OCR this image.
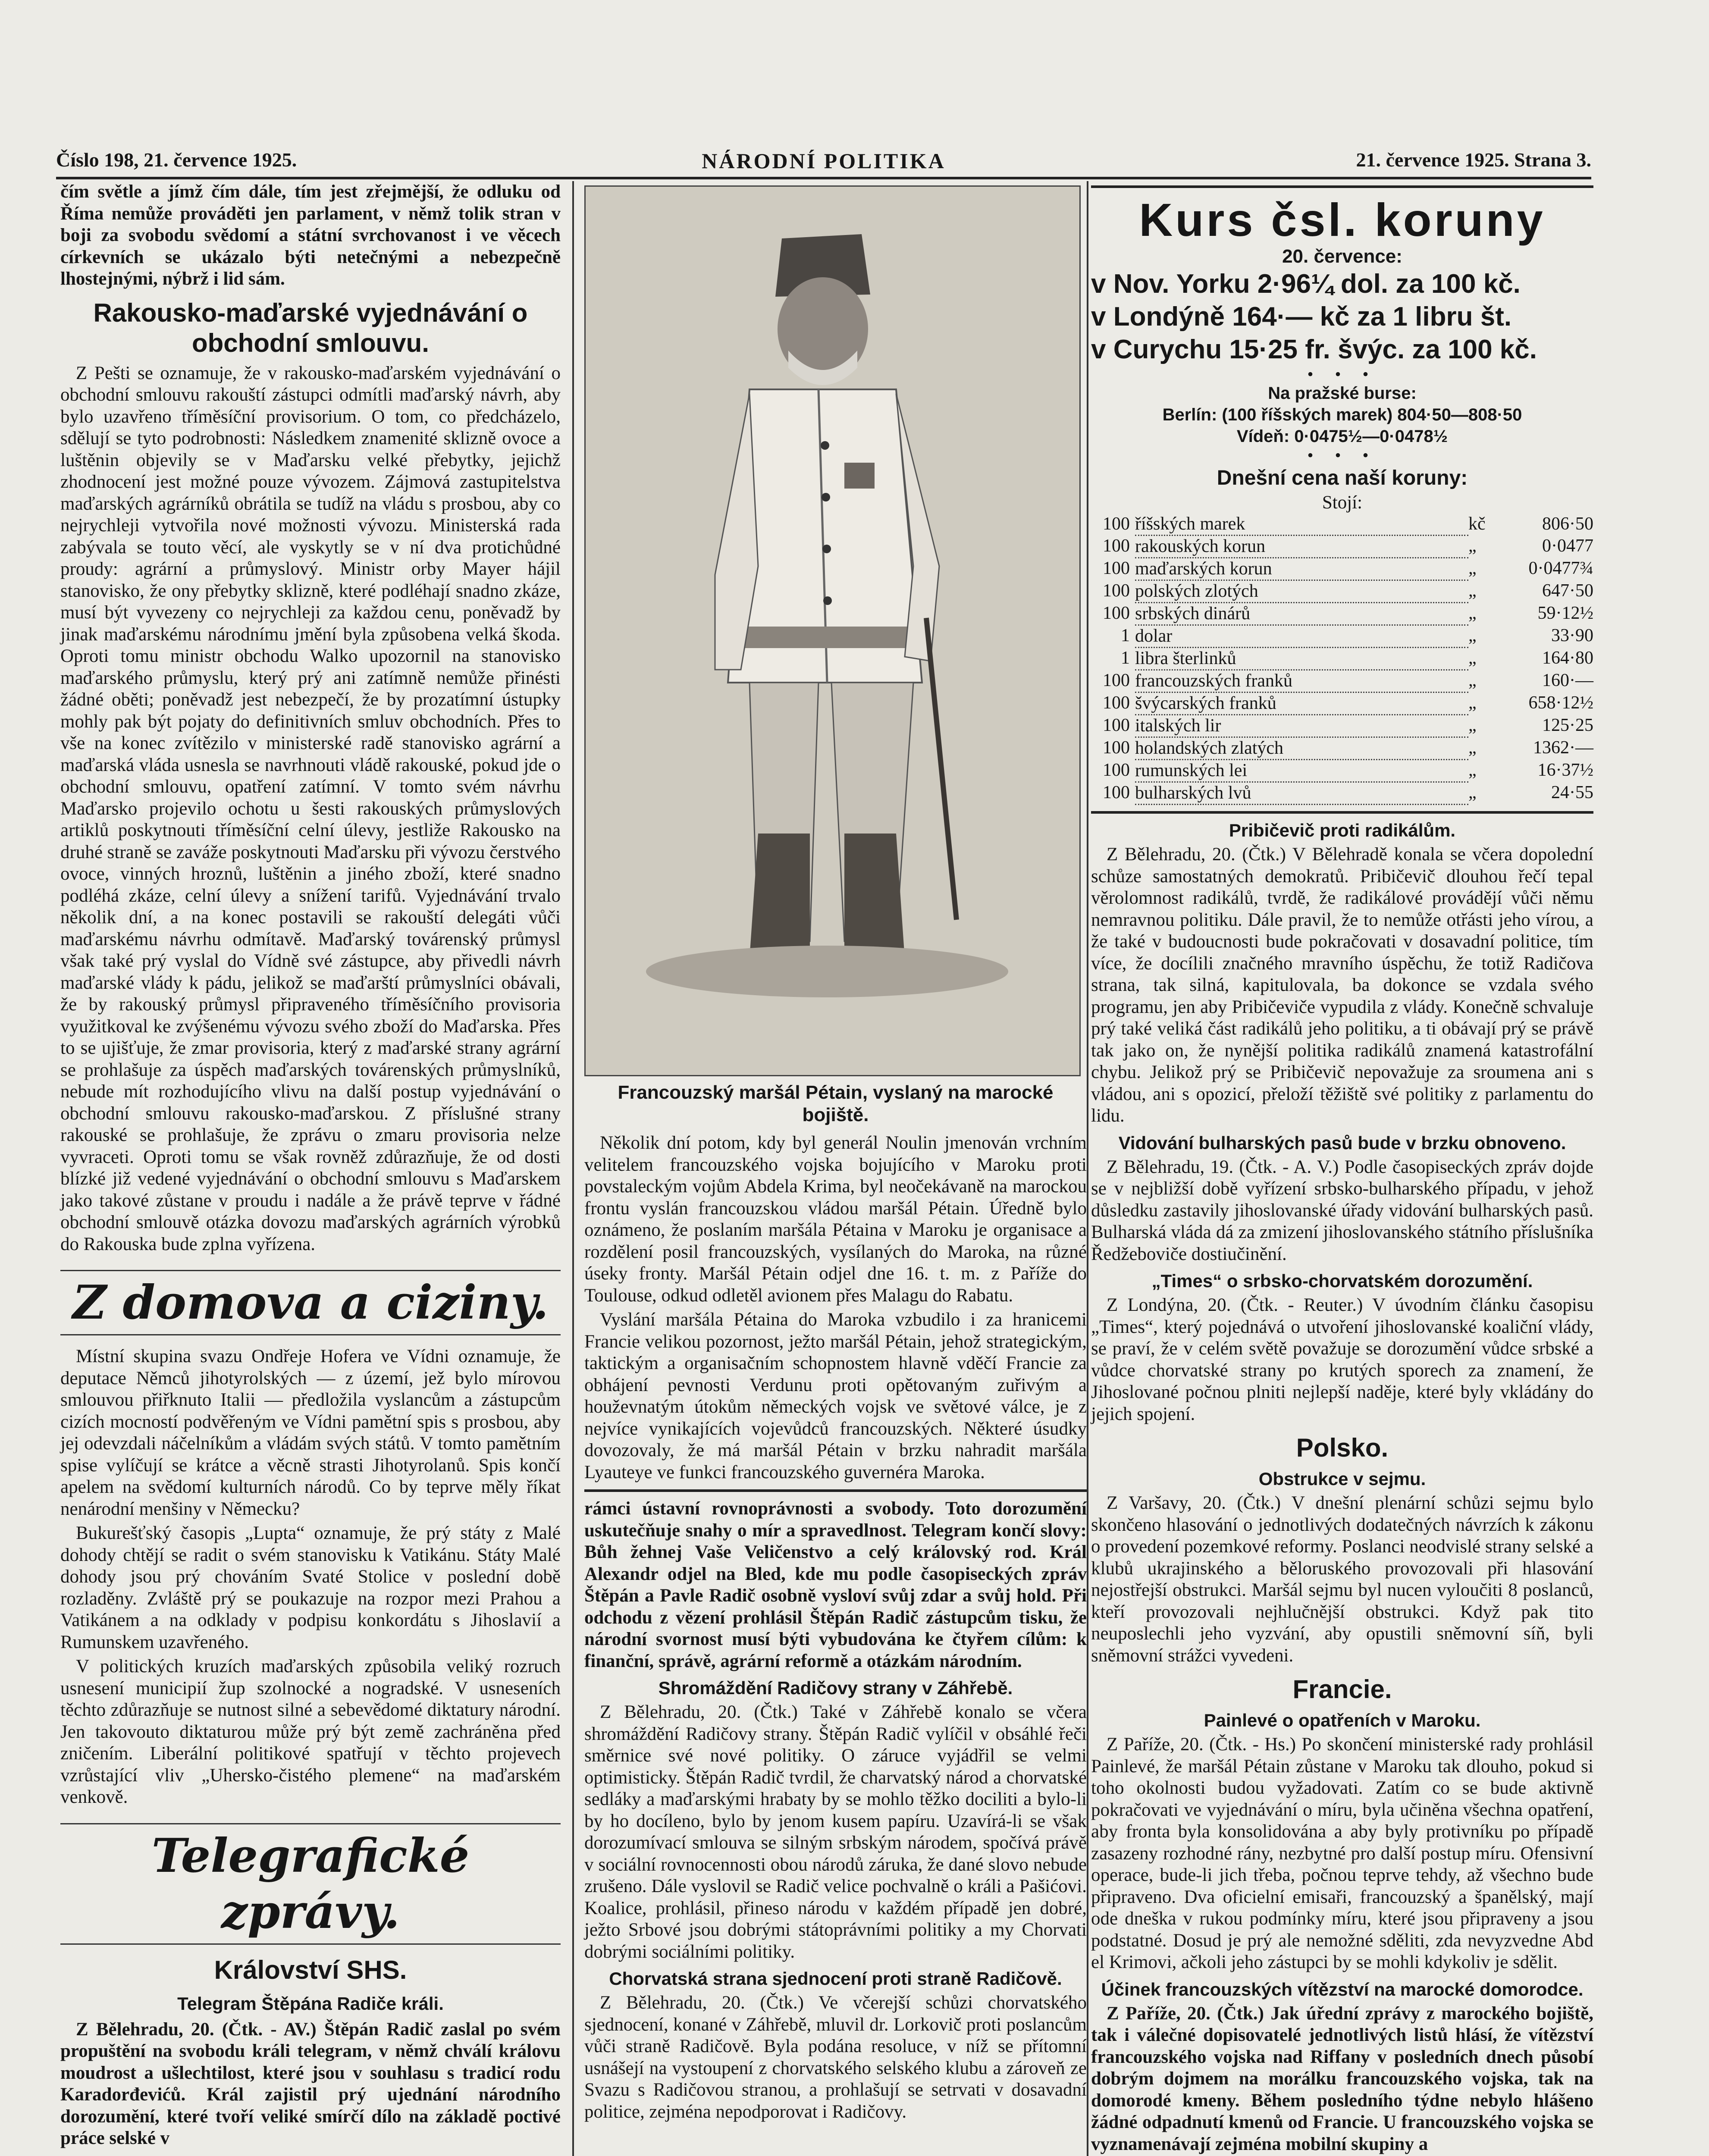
Číslo 198, 21. července 1925.	NÁRODNÍ POLITIKA	21. července 1925. Strana 3.

čím světle a jímž čím dále, tím jest zřejmější, že odluku od Říma nemůže prováděti jen parlament, v němž tolik stran v boji za svobodu svědomí a státní svrchovanost i ve věcech církevních se ukázalo býti netečnými a nebezpečně lhostejnými, nýbrž i lid sám.

Rakousko-maďarské vyjednávání o obchodní smlouvu.

Z Pešti se oznamuje, že v rakousko-maďarském vyjednávání o obchodní smlouvu rakouští zástupci odmítli maďarský návrh, aby bylo uzavřeno tříměsíční provisorium. O tom, co předcházelo, sdělují se tyto podrobnosti: Následkem znamenité sklizně ovoce a luštěnin objevily se v Maďarsku velké přebytky, jejichž zhodnocení jest možné pouze vývozem. Zájmová zastupitelstva maďarských agrárníků obrátila se tudíž na vládu s prosbou, aby co nejrychleji vytvořila nové možnosti vývozu. Ministerská rada zabývala se touto věcí, ale vyskytly se v ní dva protichůdné proudy: agrární a průmyslový. Ministr orby Mayer hájil stanovisko, že ony přebytky sklizně, které podléhají snadno zkáze, musí být vyvezeny co nejrychleji za každou cenu, poněvadž by jinak maďarskému národnímu jmění byla způsobena velká škoda. Oproti tomu ministr obchodu Walko upozornil na stanovisko maďarského průmyslu, který prý ani zatímně nemůže přinésti žádné oběti; poněvadž jest nebezpečí, že by prozatímní ústupky mohly pak být pojaty do definitivních smluv obchodních. Přes to vše na konec zvítězilo v ministerské radě stanovisko agrární a maďarská vláda usnesla se navrhnouti vládě rakouské, pokud jde o obchodní smlouvu, opatření zatímní. V tomto svém návrhu Maďarsko projevilo ochotu u šesti rakouských průmyslových artiklů poskytnouti tříměsíční celní úlevy, jestliže Rakousko na druhé straně se zaváže poskytnouti Maďarsku při vývozu čerstvého ovoce, vinných hroznů, luštěnin a jiného zboží, které snadno podléhá zkáze, celní úlevy a snížení tarifů. Vyjednávání trvalo několik dní, a na konec postavili se rakouští delegáti vůči maďarskému návrhu odmítavě. Maďarský továrenský průmysl však také prý vyslal do Vídně své zástupce, aby přivedli návrh maďarské vlády k pádu, jelikož se maďarští průmyslníci obávali, že by rakouský průmysl připraveného tříměsíčního provisoria využitkoval ke zvýšenému vývozu svého zboží do Maďarska. Přes to se ujišťuje, že zmar provisoria, který z maďarské strany agrární se prohlašuje za úspěch maďarských továrenských průmyslníků, nebude mít rozhodujícího vlivu na další postup vyjednávání o obchodní smlouvu rakousko-maďarskou. Z příslušné strany rakouské se prohlašuje, že zprávu o zmaru provisoria nelze vyvraceti. Oproti tomu se však rovněž zdůrazňuje, že od dosti blízké již vedené vyjednávání o obchodní smlouvu s Maďarskem jako takové zůstane v proudu i nadále a že právě teprve v řádné obchodní smlouvě otázka dovozu maďarských agrárních výrobků do Rakouska bude zplna vyřízena.

Z domova a ciziny.

Místní skupina svazu Ondřeje Hofera ve Vídni oznamuje, že deputace Němců jihotyrolských — z území, jež bylo mírovou smlouvou přiřknuto Italii — předložila vyslancům a zástupcům cizích mocností podvěřeným ve Vídni pamětní spis s prosbou, aby jej odevzdali náčelníkům a vládám svých států. V tomto pamětním spise vylíčují se krátce a věcně strasti Jihotyrolanů. Spis končí apelem na svědomí kulturních národů. Co by teprve měly říkat nenárodní menšiny v Německu?

Bukurešťský časopis „Lupta“ oznamuje, že prý státy z Malé dohody chtějí se radit o svém stanovisku k Vatikánu. Státy Malé dohody jsou prý chováním Svaté Stolice v poslední době rozladěny. Zvláště prý se poukazuje na rozpor mezi Prahou a Vatikánem a na odklady v podpisu konkordátu s Jihoslavií a Rumunskem uzavřeného.

V politických kruzích maďarských způsobila veliký rozruch usnesení municipií žup szolnocké a nogradské. V usneseních těchto zdůrazňuje se nutnost silné a sebevědomé diktatury národní. Jen takovouto diktaturou může prý být země zachráněna před zničením. Liberální politikové spatřují v těchto projevech vzrůstající vliv „Uhersko-čistého plemene“ na maďarském venkově.

Telegrafické zprávy.
Království SHS.
Telegram Štěpána Radiče králi.

Z Bělehradu, 20. (Čtk. - AV.) Štěpán Radič zaslal po svém propuštění na svobodu králi telegram, v němž chválí královu moudrost a ušlechtilost, které jsou v souhlasu s tradicí rodu Karadorđevićů. Král zajistil prý ujednání národního dorozumění, které tvoří veliké smírčí dílo na základě poctivé práce selské v

Francouzský maršál Pétain, vyslaný na marocké bojiště.

Několik dní potom, kdy byl generál Noulin jmenován vrchním velitelem francouzského vojska bojujícího v Maroku proti povstaleckým vojům Abdela Krima, byl neočekávaně na marockou frontu vyslán francouzskou vládou maršál Pétain. Úředně bylo oznámeno, že poslaním maršála Pétaina v Maroku je organisace a rozdělení posil francouzských, vysílaných do Maroka, na různé úseky fronty. Maršál Pétain odjel dne 16. t. m. z Paříže do Toulouse, odkud odletěl avionem přes Malagu do Rabatu.

Vyslání maršála Pétaina do Maroka vzbudilo i za hranicemi Francie velikou pozornost, ježto maršál Pétain, jehož strategickým, taktickým a organisačním schopnostem hlavně vděčí Francie za obhájení pevnosti Verdunu proti opětovaným zuřivým a houževnatým útokům německých vojsk ve světové válce, je z nejvíce vynikajících vojevůdců francouzských. Některé úsudky dovozovaly, že má maršál Pétain v brzku nahradit maršála Lyauteye ve funkci francouzského guvernéra Maroka.

rámci ústavní rovnoprávnosti a svobody. Toto dorozumění uskutečňuje snahy o mír a spravedlnost. Telegram končí slovy: Bůh žehnej Vaše Veličenstvo a celý královský rod. Král Alexandr odjel na Bled, kde mu podle časopiseckých zpráv Štěpán a Pavle Radič osobně vysloví svůj zdar a svůj hold. Při odchodu z vězení prohlásil Štěpán Radič zástupcům tisku, že národní svornost musí býti vybudována ke čtyřem cílům: k finanční, správě, agrární reformě a otázkám národním.

Shromáždění Radičovy strany v Záhřebě.

Z Bělehradu, 20. (Čtk.) Také v Záhřebě konalo se včera shromáždění Radičovy strany. Štěpán Radič vylíčil v obsáhlé řeči směrnice své nové politiky. O záruce vyjádřil se velmi optimisticky. Štěpán Radič tvrdil, že charvatský národ a chorvatské sedláky a maďarskými hrabaty by se mohlo těžko dociliti a bylo-li by ho docíleno, bylo by jenom kusem papíru. Uzavírá-li se však dorozumívací smlouva se silným srbským národem, spočívá právě v sociální rovnocennosti obou národů záruka, že dané slovo nebude zrušeno. Dále vyslovil se Radič velice pochvalně o králi a Pašićovi. Koalice, prohlásil, přineso národu v každém případě jen dobré, ježto Srbové jsou dobrými státoprávními politiky a my Chorvati dobrými sociálními politiky.

Chorvatská strana sjednocení proti straně Radičově.

Z Bělehradu, 20. (Čtk.) Ve včerejší schůzi chorvatského sjednocení, konané v Záhřebě, mluvil dr. Lorkovič proti poslancům vůči straně Radičově. Byla podána resoluce, v níž se přítomní usnášejí na vystoupení z chorvatského selského klubu a zároveň ze Svazu s Radičovou stranou, a prohlašují se setrvati v dosavadní politice, zejména nepodporovat i Radičovy.

Kurs čsl. koruny
20. července:
v Nov. Yorku 2·96¼ dol. za 100 kč.
v Londýně 164·— kč za 1 libru št.
v Curychu 15·25 fr. švýc. za 100 kč.
• • •
Na pražské burse:
Berlín: (100 říšských marek) 804·50—808·50
Vídeň: 0·0475½—0·0478½
• • •
Dnešní cena naší koruny:
Stojí:
100	říšských marek	kč	806·50
100	rakouských korun	„	0·0477
100	maďarských korun	„	0·0477¾
100	polských zlotých	„	647·50
100	srbských dinárů	„	59·12½
1	dolar	„	33·90
1	libra šterlinků	„	164·80
100	francouzských franků	„	160·—
100	švýcarských franků	„	658·12½
100	italských lir	„	125·25
100	holandských zlatých	„	1362·—
100	rumunských lei	„	16·37½
100	bulharských lvů	„	24·55
Pribičevič proti radikálům.

Z Bělehradu, 20. (Čtk.) V Bělehradě konala se včera dopolední schůze samostatných demokratů. Pribičevič dlouhou řečí tepal věrolomnost radikálů, tvrdě, že radikálové provádějí vůči němu nemravnou politiku. Dále pravil, že to nemůže otřásti jeho vírou, a že také v budoucnosti bude pokračovati v dosavadní politice, tím více, že docílili značného mravního úspěchu, že totiž Radičova strana, tak silná, kapitulovala, ba dokonce se vzdala svého programu, jen aby Pribičeviče vypudila z vlády. Konečně schvaluje prý také veliká část radikálů jeho politiku, a ti obávají prý se právě tak jako on, že nynější politika radikálů znamená katastrofální chybu. Jelikož prý se Pribičevič nepovažuje za sroumena ani s vládou, ani s opozicí, přeloží těžiště své politiky z parlamentu do lidu.

Vidování bulharských pasů bude v brzku obnoveno.

Z Bělehradu, 19. (Čtk. - A. V.) Podle časopiseckých zpráv dojde se v nejbližší době vyřízení srbsko-bulharského případu, v jehož důsledku zastavily jihoslovanské úřady vidování bulharských pasů. Bulharská vláda dá za zmizení jihoslovanského státního příslušníka Ředžeboviče dostiučinění.

„Times“ o srbsko-chorvatském dorozumění.

Z Londýna, 20. (Čtk. - Reuter.) V úvodním článku časopisu „Times“, který pojednává o utvoření jihoslovanské koaliční vlády, se praví, že v celém světě považuje se dorozumění vůdce srbské a vůdce chorvatské strany po krutých sporech za znamení, že Jihoslované počnou plniti nejlepší naděje, které byly vkládány do jejich spojení.

Polsko.
Obstrukce v sejmu.

Z Varšavy, 20. (Čtk.) V dnešní plenární schůzi sejmu bylo skončeno hlasování o jednotlivých dodatečných návrzích k zákonu o provedení pozemkové reformy. Poslanci neodvislé strany selské a klubů ukrajinského a běloruského provozovali při hlasování nejostřejší obstrukci. Maršál sejmu byl nucen vyloučiti 8 poslanců, kteří provozovali nejhlučnější obstrukci. Když pak tito neuposlechli jeho vyzvání, aby opustili sněmovní síň, byli sněmovní strážci vyvedeni.

Francie.
Painlevé o opatřeních v Maroku.

Z Paříže, 20. (Čtk. - Hs.) Po skončení ministerské rady prohlásil Painlevé, že maršál Pétain zůstane v Maroku tak dlouho, pokud si toho okolnosti budou vyžadovati. Zatím co se bude aktivně pokračovati ve vyjednávání o míru, byla učiněna všechna opatření, aby fronta byla konsolidována a aby byly protivníku po případě zasazeny rozhodné rány, nezbytné pro další postup míru. Ofensivní operace, bude-li jich třeba, počnou teprve tehdy, až všechno bude připraveno. Dva oficielní emisaři, francouzský a španělský, mají ode dneška v rukou podmínky míru, které jsou připraveny a jsou podstatné. Dosud je prý ale nemožné sděliti, zda nevyzvedne Abd el Krimovi, ačkoli jeho zástupci by se mohli kdykoliv je sdělit.

Účinek francouzských vítězství na marocké domorodce.

Z Paříže, 20. (Čtk.) Jak úřední zprávy z marockého bojiště, tak i válečné dopisovatelé jednotlivých listů hlásí, že vítězství francouzského vojska nad Riffany v posledních dnech působí dobrým dojmem na morálku francouzského vojska, tak na domorodé kmeny. Během posledního týdne nebylo hlášeno žádné odpadnutí kmenů od Francie. U francouzského vojska se vyznamenávají zejména mobilní skupiny a
